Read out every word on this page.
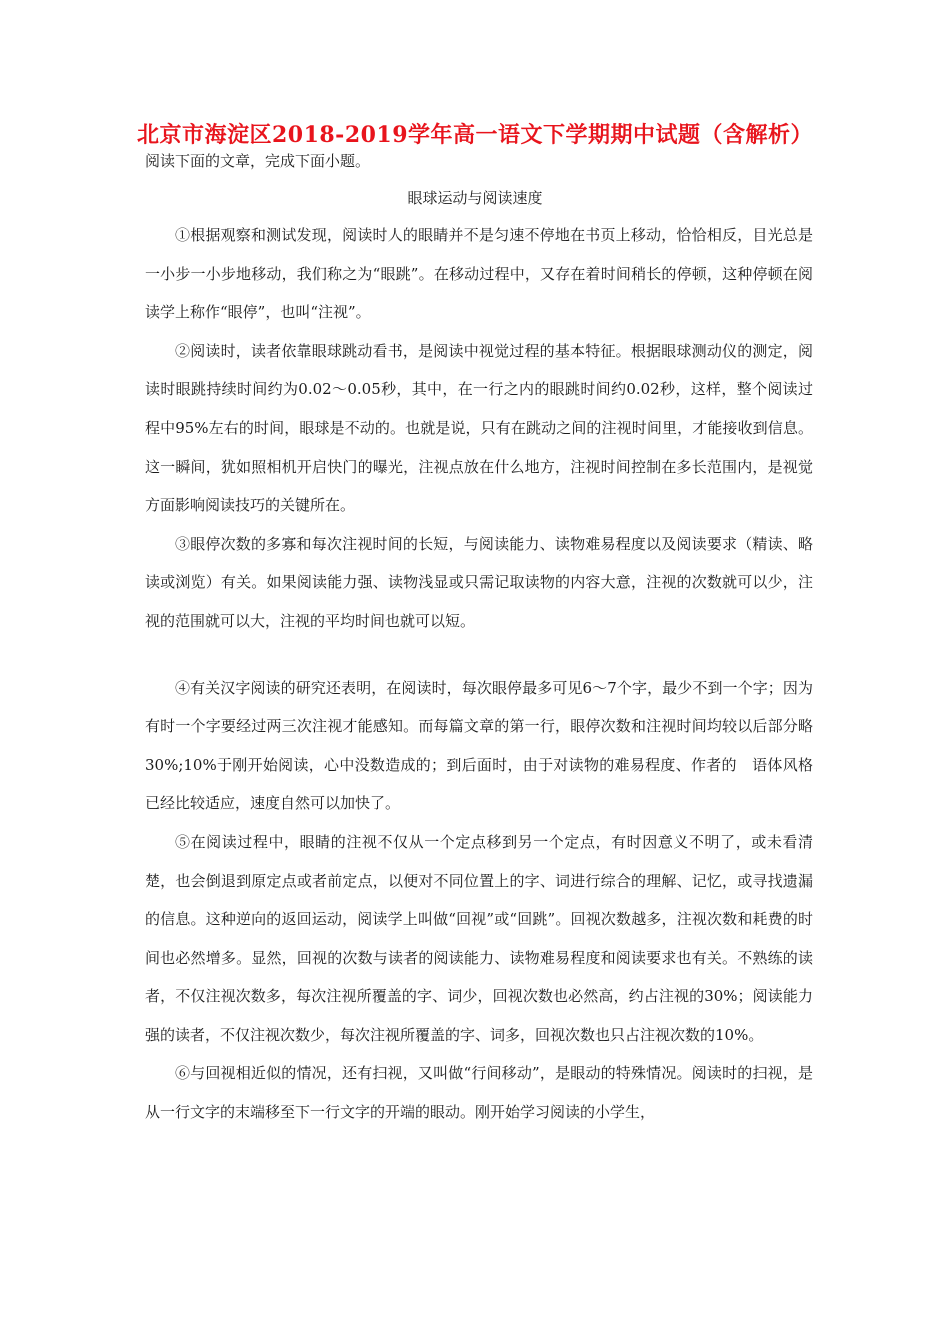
北京市海淀区2018-2019学年高一语文下学期期中试题（含解析）
阅读下面的文章，完成下面小题。
眼球运动与阅读速度

①根据观察和测试发现，阅读时人的眼睛并不是匀速不停地在书页上移动，恰恰相反，目光总是一小步一小步地移动，我们称之为“眼跳”。在移动过程中，又存在着时间稍长的停顿，这种停顿在阅读学上称作“眼停”，也叫“注视”。

②阅读时，读者依靠眼球跳动看书，是阅读中视觉过程的基本特征。根据眼球测动仪的测定，阅读时眼跳持续时间约为0.02～0.05秒，其中，在一行之内的眼跳时间约0.02秒，这样，整个阅读过程中95%左右的时间，眼球是不动的。也就是说，只有在跳动之间的注视时间里，才能接收到信息。这一瞬间，犹如照相机开启快门的曝光，注视点放在什么地方，注视时间控制在多长范围内，是视觉方面影响阅读技巧的关键所在。

③眼停次数的多寡和每次注视时间的长短，与阅读能力、读物难易程度以及阅读要求（精读、略读或浏览）有关。如果阅读能力强、读物浅显或只需记取读物的内容大意，注视的次数就可以少，注视的范围就可以大，注视的平均时间也就可以短。

④有关汉字阅读的研究还表明，在阅读时，每次眼停最多可见6～7个字，最少不到一个字；因为有时一个字要经过两三次注视才能感知。而每篇文章的第一行，眼停次数和注视时间均较以后部分略30%;10%于刚开始阅读，心中没数造成的；到后面时，由于对读物的难易程度、作者的　语体风格已经比较适应，速度自然可以加快了。

⑤在阅读过程中，眼睛的注视不仅从一个定点移到另一个定点，有时因意义不明了，或未看清楚，也会倒退到原定点或者前定点，以便对不同位置上的字、词进行综合的理解、记忆，或寻找遗漏的信息。这种逆向的返回运动，阅读学上叫做“回视”或“回跳”。回视次数越多，注视次数和耗费的时间也必然增多。显然，回视的次数与读者的阅读能力、读物难易程度和阅读要求也有关。不熟练的读者，不仅注视次数多，每次注视所覆盖的字、词少，回视次数也必然高，约占注视的30%；阅读能力强的读者，不仅注视次数少，每次注视所覆盖的字、词多，回视次数也只占注视次数的10%。

⑥与回视相近似的情况，还有扫视，又叫做“行间移动”，是眼动的特殊情况。阅读时的扫视，是从一行文字的末端移至下一行文字的开端的眼动。刚开始学习阅读的小学生，
